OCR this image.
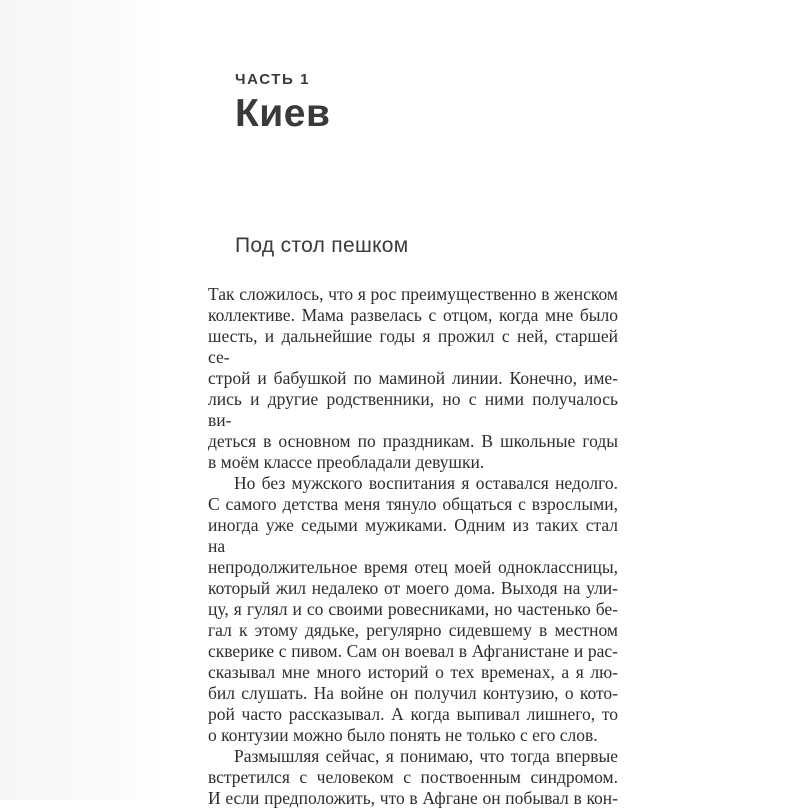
ЧАСТЬ 1
Киев
Под стол пешком
Так сложилось, что я рос преимущественно в женском
коллективе. Мама развелась с отцом, когда мне было
шесть, и дальнейшие годы я прожил с ней, старшей се-
строй и бабушкой по маминой линии. Конечно, име-
лись и другие родственники, но с ними получалось ви-
деться в основном по праздникам. В школьные годы
в моём классе преобладали девушки.
Но без мужского воспитания я оставался недолго.
С самого детства меня тянуло общаться с взрослыми,
иногда уже седыми мужиками. Одним из таких стал на
непродолжительное время отец моей одноклассницы,
который жил недалеко от моего дома. Выходя на ули-
цу, я гулял и со своими ровесниками, но частенько бе-
гал к этому дядьке, регулярно сидевшему в местном
скверике с пивом. Сам он воевал в Афганистане и рас-
сказывал мне много историй о тех временах, а я лю-
бил слушать. На войне он получил контузию, о кото-
рой часто рассказывал. А когда выпивал лишнего, то
о контузии можно было понять не только с его слов.
Размышляя сейчас, я понимаю, что тогда впервые
встретился с человеком с поствоенным синдромом.
И если предположить, что в Афгане он побывал в кон-
